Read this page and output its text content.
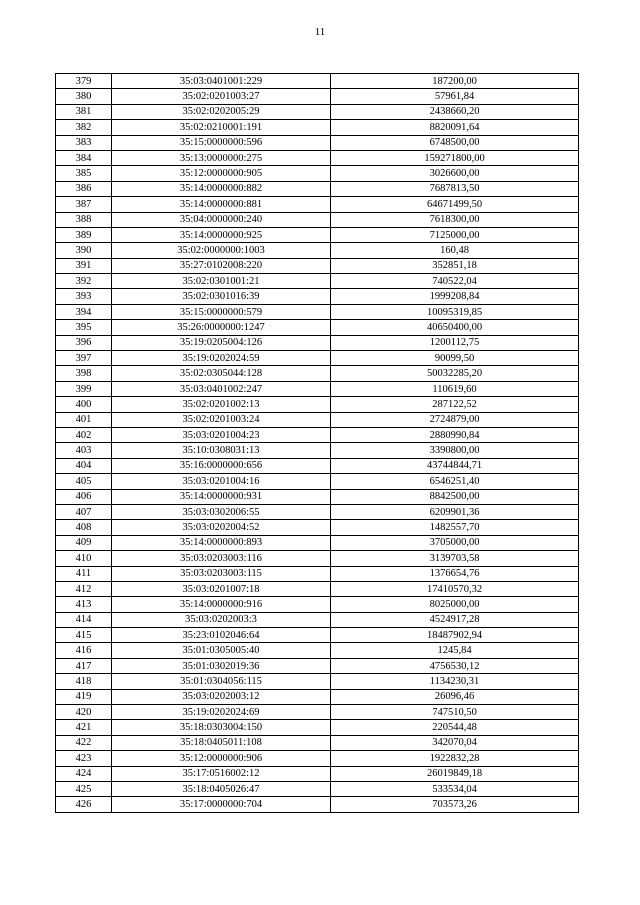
11
379	35:03:0401001:229	187200,00
380	35:02:0201003:27	57961,84
381	35:02:0202005:29	2438660,20
382	35:02:0210001:191	8820091,64
383	35:15:0000000:596	6748500,00
384	35:13:0000000:275	159271800,00
385	35:12:0000000:905	3026600,00
386	35:14:0000000:882	7687813,50
387	35:14:0000000:881	64671499,50
388	35:04:0000000:240	7618300,00
389	35:14:0000000:925	7125000,00
390	35:02:0000000:1003	160,48
391	35:27:0102008:220	352851,18
392	35:02:0301001:21	740522,04
393	35:02:0301016:39	1999208,84
394	35:15:0000000:579	10095319,85
395	35:26:0000000:1247	40650400,00
396	35:19:0205004:126	1200112,75
397	35:19:0202024:59	90099,50
398	35:02:0305044:128	50032285,20
399	35:03:0401002:247	110619,60
400	35:02:0201002:13	287122,52
401	35:02:0201003:24	2724879,00
402	35:03:0201004:23	2880990,84
403	35:10:0308031:13	3390800,00
404	35:16:0000000:656	43744844,71
405	35:03:0201004:16	6546251,40
406	35:14:0000000:931	8842500,00
407	35:03:0302006:55	6209901,36
408	35:03:0202004:52	1482557,70
409	35:14:0000000:893	3705000,00
410	35:03:0203003:116	3139703,58
411	35:03:0203003:115	1376654,76
412	35:03:0201007:18	17410570,32
413	35:14:0000000:916	8025000,00
414	35:03:0202003:3	4524917,28
415	35:23:0102046:64	18487902,94
416	35:01:0305005:40	1245,84
417	35:01:0302019:36	4756530,12
418	35:01:0304056:115	1134230,31
419	35:03:0202003:12	26096,46
420	35:19:0202024:69	747510,50
421	35:18:0303004:150	220544,48
422	35:18:0405011:108	342070,04
423	35:12:0000000:906	1922832,28
424	35:17:0516002:12	26019849,18
425	35:18:0405026:47	533534,04
426	35:17:0000000:704	703573,26
